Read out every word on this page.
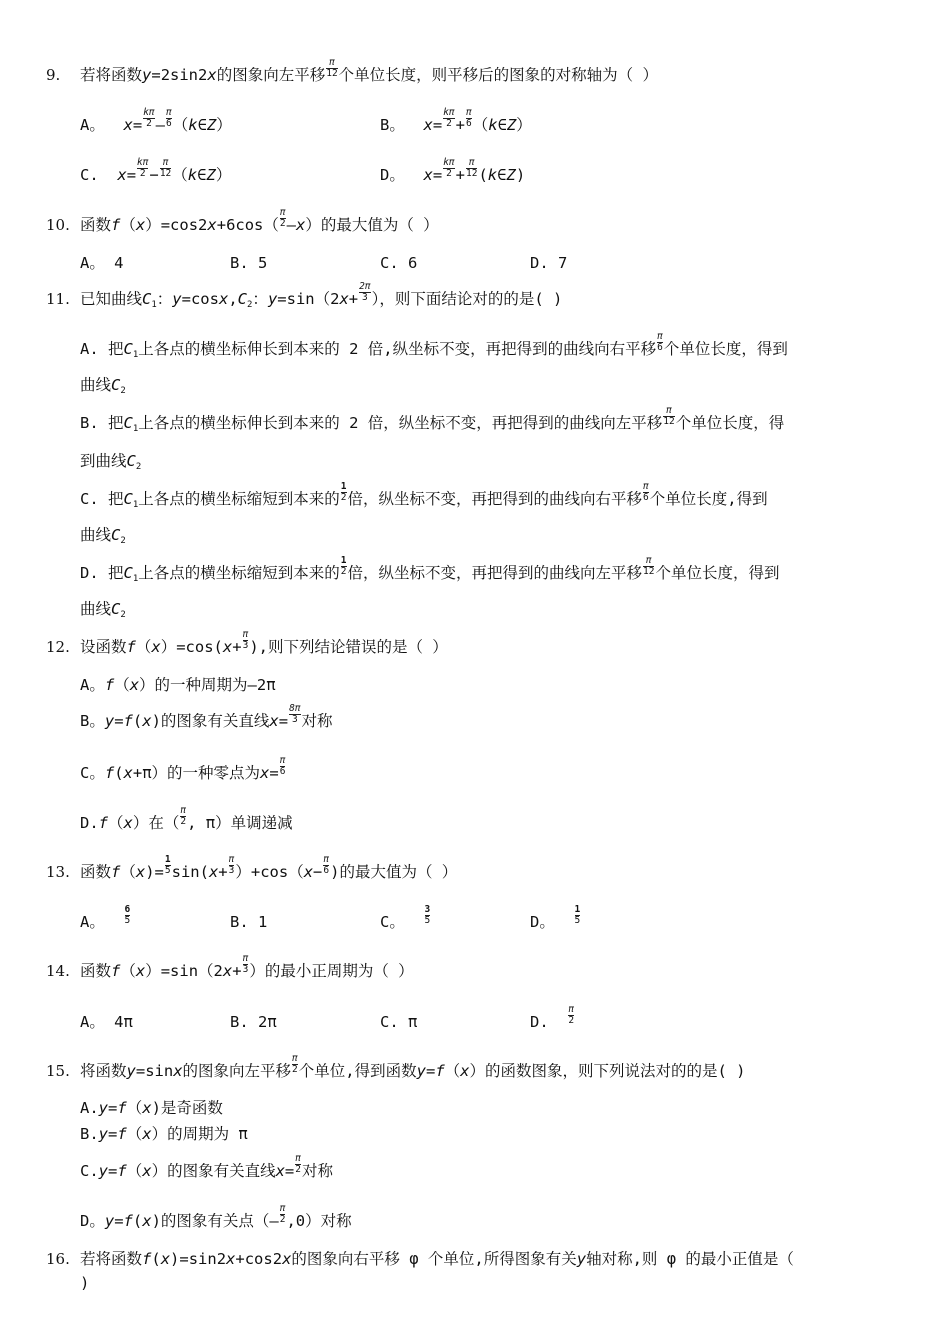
9. 若将函数y=2sin2x的图象向左平移 $\frac{\pi}{12}$ 个单位长度，则平移后的图象的对称轴为（ ）
A。 $x= \frac{k\pi}{2}$ — $\frac{\pi}{6}$ （k∈Z）	B。 $x= \frac{k\pi}{2} + \frac{\pi}{6}$ （k∈Z）
C. $x= \frac{k\pi}{2} - \frac{\pi}{12}$ （k∈Z）	D。 $x= \frac{k\pi}{2} + \frac{\pi}{12}$ (k∈Z)
10. 函数$f(x)=\cos 2x+6\cos( \frac{\pi}{2}$ —x）的最大值为（ ）
A。 4	B. 5	C. 6	D. 7
11. 已知曲线C1：y=cosx,C2：$y=\sin(2x+ \frac{2\pi}{3}$ ），则下面结论对的的是( )
A. 把C1上各点的横坐标伸长到本来的 2 倍,纵坐标不变，再把得到的曲线向右平移 $\frac{\pi}{6}$ 个单位长度，得到
曲线C2
B. 把C1上各点的横坐标伸长到本来的 2 倍，纵坐标不变，再把得到的曲线向左平移 $\frac{\pi}{12}$ 个单位长度，得
到曲线C2
C. 把C1上各点的横坐标缩短到本来的 $\frac{1}{2}$ 倍，纵坐标不变，再把得到的曲线向右平移 $\frac{\pi}{6}$ 个单位长度,得到
曲线C2
D. 把C1上各点的横坐标缩短到本来的 $\frac{1}{2}$ 倍，纵坐标不变，再把得到的曲线向左平移 $\frac{\pi}{12}$ 个单位长度，得到
曲线C2
12. 设函数$f(x)=\cos(x+ \frac{\pi}{3}$ ),则下列结论错误的是（ ）
A。f（x）的一种周期为—2π
B。y=f(x)的图象有关直线$x= \frac{8\pi}{3}$ 对称
C。f(x+π）的一种零点为$x= \frac{\pi}{6}$
D.f（x）在（ $\frac{\pi}{2}$ , π）单调递减
13. 函数$f(x)= \frac{1}{5} \sin(x+ \frac{\pi}{3} )+\cos(x- \frac{\pi}{6}$ )的最大值为（ ）
A。 $\frac{6}{5}$	B. 1	C。 $\frac{3}{5}$	D。 $\frac{1}{5}$
14. 函数$f(x)=\sin(2x+ \frac{\pi}{3}$ ）的最小正周期为（ ）
A。 4π	B. 2π	C. π	D. $\frac{\pi}{2}$
15. 将函数y=sinx的图象向左平移 $\frac{\pi}{2}$ 个单位,得到函数y=f（x）的函数图象，则下列说法对的的是( )
A.y=f（x)是奇函数
B.y=f（x）的周期为 π
C.y=f（x）的图象有关直线$x= \frac{\pi}{2}$ 对称
D。y=f(x)的图象有关点（— $\frac{\pi}{2} ,0$）对称
16. 若将函数f(x)=sin2x+cos2x的图象向右平移 φ 个单位,所得图象有关y轴对称,则 φ 的最小正值是（
)
